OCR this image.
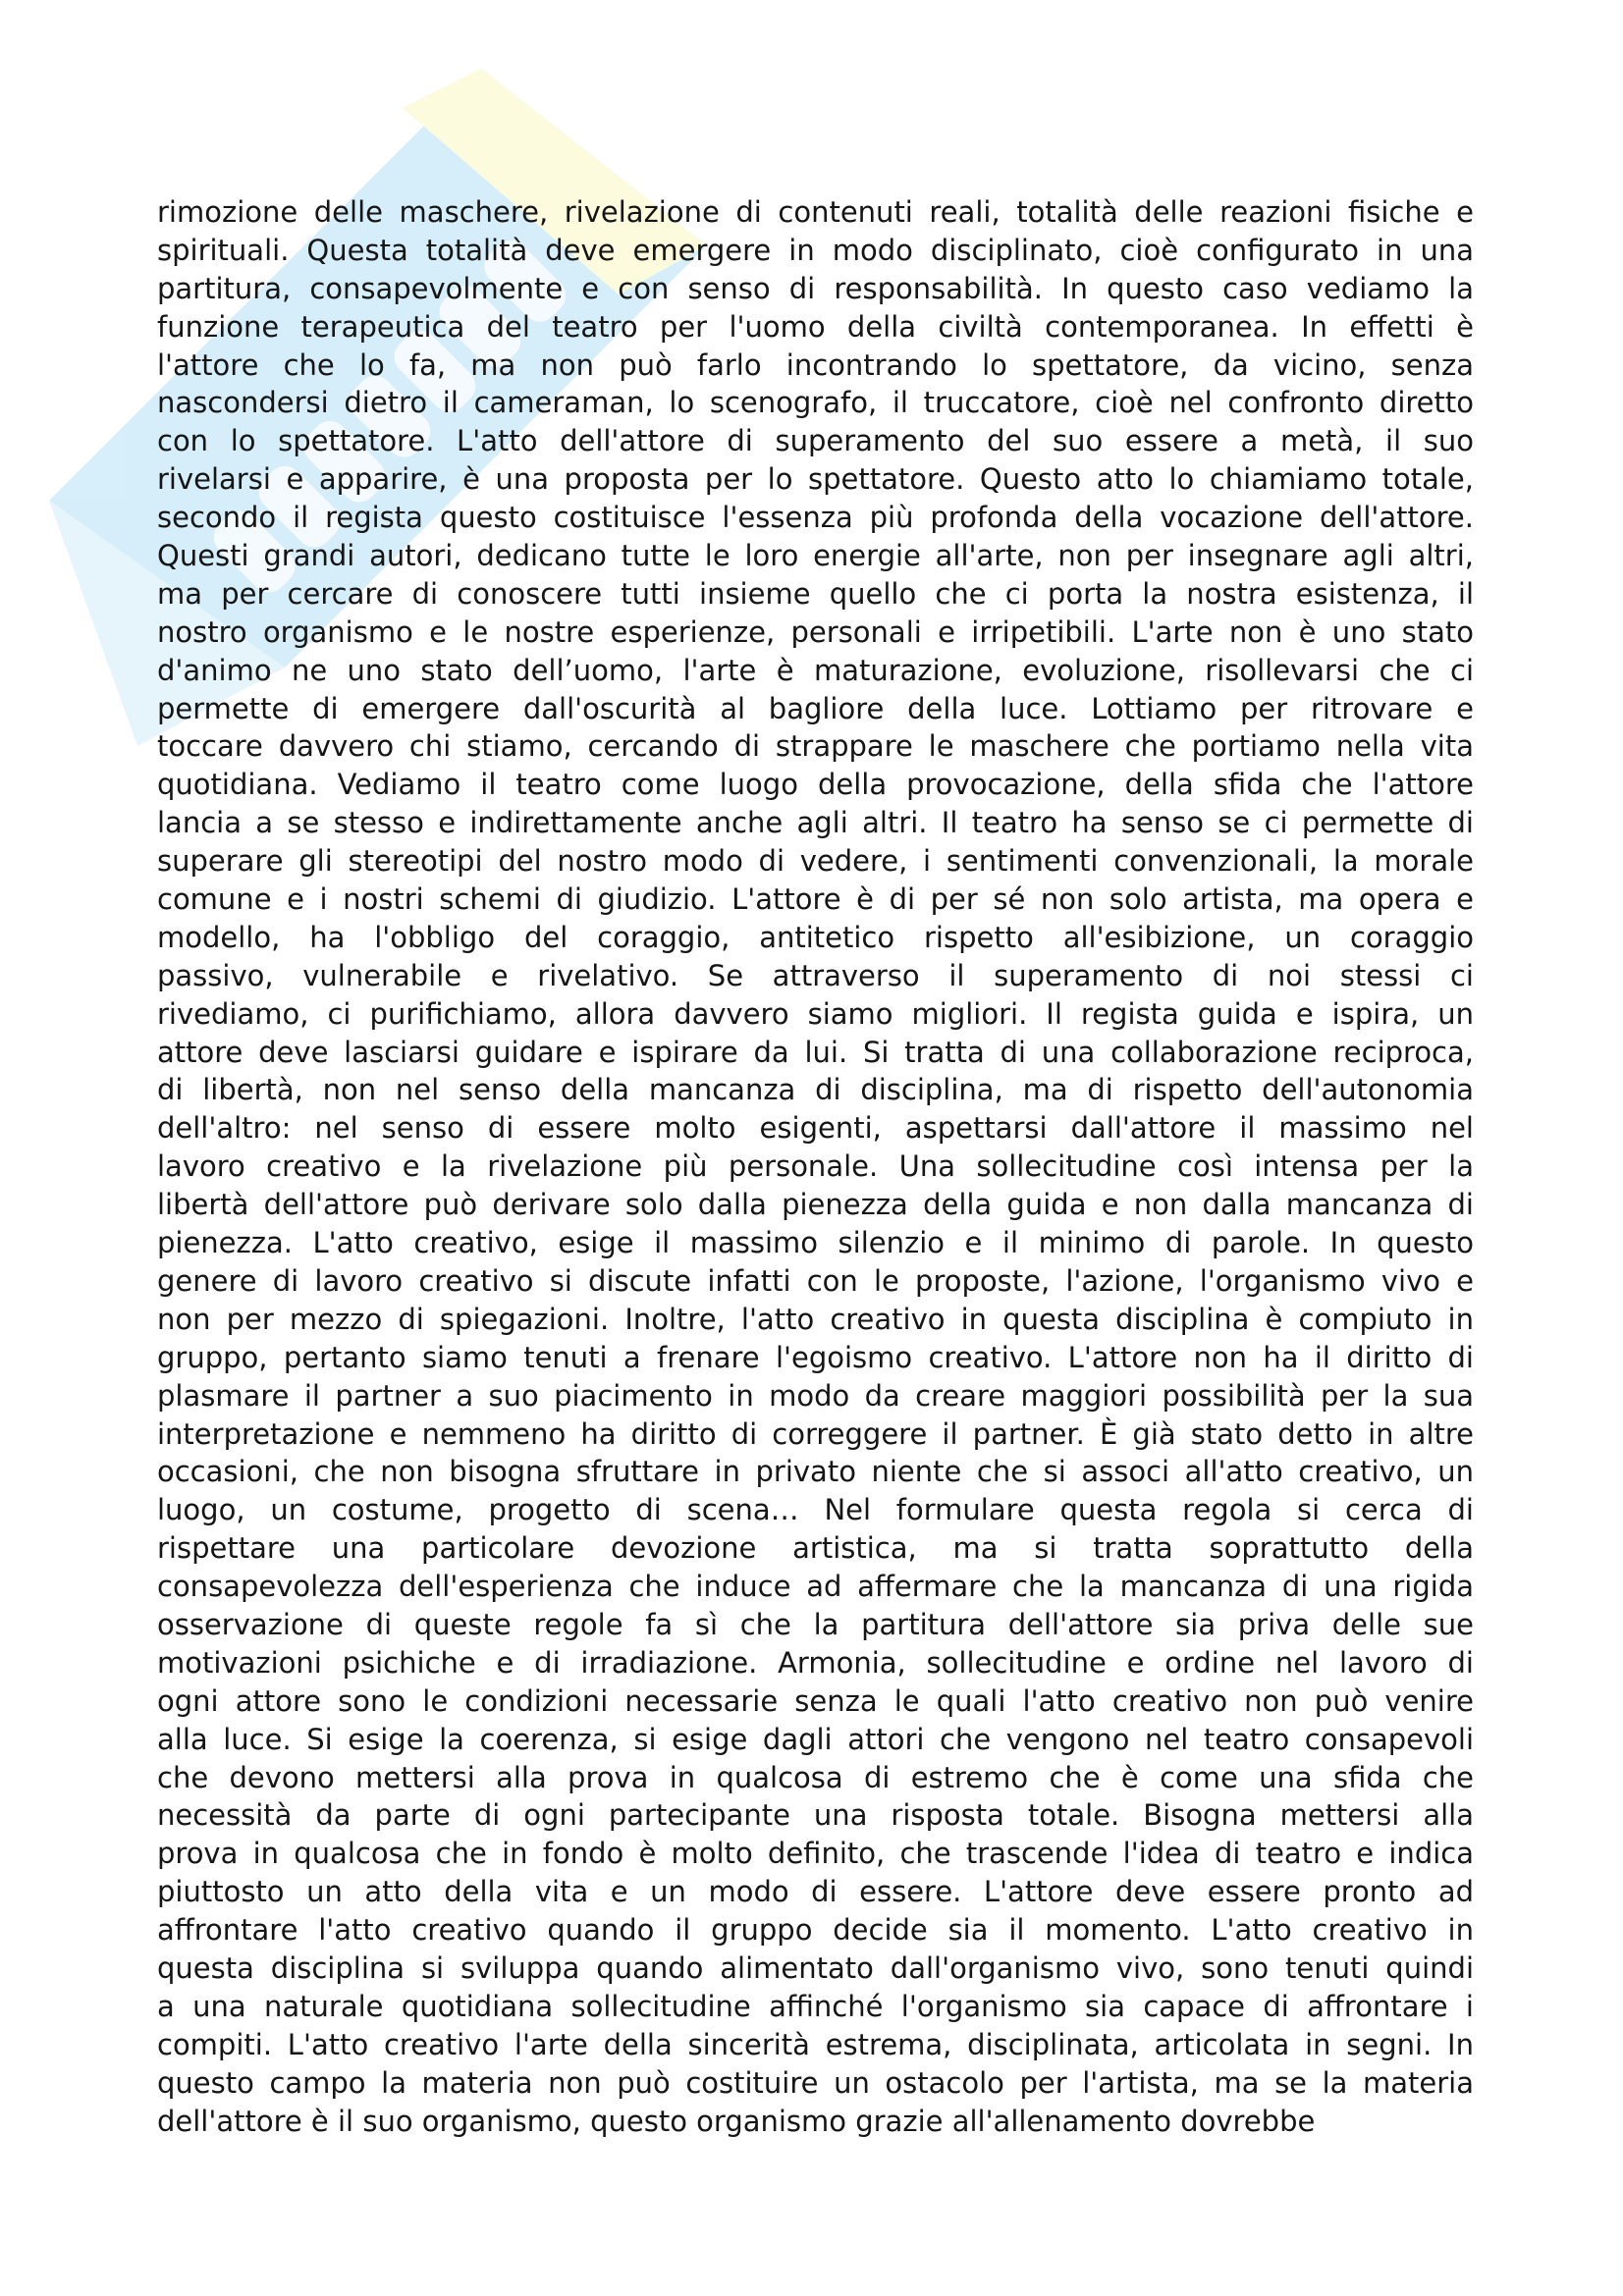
rimozione delle maschere, rivelazione di contenuti reali, totalità delle reazioni fisiche e
spirituali. Questa totalità deve emergere in modo disciplinato, cioè configurato in una
partitura, consapevolmente e con senso di responsabilità. In questo caso vediamo la
funzione terapeutica del teatro per l'uomo della civiltà contemporanea. In effetti è
l'attore che lo fa, ma non può farlo incontrando lo spettatore, da vicino, senza
nascondersi dietro il cameraman, lo scenografo, il truccatore, cioè nel confronto diretto
con lo spettatore. L'atto dell'attore di superamento del suo essere a metà, il suo
rivelarsi e apparire, è una proposta per lo spettatore. Questo atto lo chiamiamo totale,
secondo il regista questo costituisce l'essenza più profonda della vocazione dell'attore.
Questi grandi autori, dedicano tutte le loro energie all'arte, non per insegnare agli altri,
ma per cercare di conoscere tutti insieme quello che ci porta la nostra esistenza, il
nostro organismo e le nostre esperienze, personali e irripetibili. L'arte non è uno stato
d'animo ne uno stato dell’uomo, l'arte è maturazione, evoluzione, risollevarsi che ci
permette di emergere dall'oscurità al bagliore della luce. Lottiamo per ritrovare e
toccare davvero chi stiamo, cercando di strappare le maschere che portiamo nella vita
quotidiana. Vediamo il teatro come luogo della provocazione, della sfida che l'attore
lancia a se stesso e indirettamente anche agli altri. Il teatro ha senso se ci permette di
superare gli stereotipi del nostro modo di vedere, i sentimenti convenzionali, la morale
comune e i nostri schemi di giudizio. L'attore è di per sé non solo artista, ma opera e
modello, ha l'obbligo del coraggio, antitetico rispetto all'esibizione, un coraggio
passivo, vulnerabile e rivelativo. Se attraverso il superamento di noi stessi ci
rivediamo, ci purifichiamo, allora davvero siamo migliori. Il regista guida e ispira, un
attore deve lasciarsi guidare e ispirare da lui. Si tratta di una collaborazione reciproca,
di libertà, non nel senso della mancanza di disciplina, ma di rispetto dell'autonomia
dell'altro: nel senso di essere molto esigenti, aspettarsi dall'attore il massimo nel
lavoro creativo e la rivelazione più personale. Una sollecitudine così intensa per la
libertà dell'attore può derivare solo dalla pienezza della guida e non dalla mancanza di
pienezza. L'atto creativo, esige il massimo silenzio e il minimo di parole. In questo
genere di lavoro creativo si discute infatti con le proposte, l'azione, l'organismo vivo e
non per mezzo di spiegazioni. Inoltre, l'atto creativo in questa disciplina è compiuto in
gruppo, pertanto siamo tenuti a frenare l'egoismo creativo. L'attore non ha il diritto di
plasmare il partner a suo piacimento in modo da creare maggiori possibilità per la sua
interpretazione e nemmeno ha diritto di correggere il partner. È già stato detto in altre
occasioni, che non bisogna sfruttare in privato niente che si associ all'atto creativo, un
luogo, un costume, progetto di scena… Nel formulare questa regola si cerca di
rispettare una particolare devozione artistica, ma si tratta soprattutto della
consapevolezza dell'esperienza che induce ad affermare che la mancanza di una rigida
osservazione di queste regole fa sì che la partitura dell'attore sia priva delle sue
motivazioni psichiche e di irradiazione. Armonia, sollecitudine e ordine nel lavoro di
ogni attore sono le condizioni necessarie senza le quali l'atto creativo non può venire
alla luce. Si esige la coerenza, si esige dagli attori che vengono nel teatro consapevoli
che devono mettersi alla prova in qualcosa di estremo che è come una sfida che
necessità da parte di ogni partecipante una risposta totale. Bisogna mettersi alla
prova in qualcosa che in fondo è molto definito, che trascende l'idea di teatro e indica
piuttosto un atto della vita e un modo di essere. L'attore deve essere pronto ad
affrontare l'atto creativo quando il gruppo decide sia il momento. L'atto creativo in
questa disciplina si sviluppa quando alimentato dall'organismo vivo, sono tenuti quindi
a una naturale quotidiana sollecitudine affinché l'organismo sia capace di affrontare i
compiti. L'atto creativo l'arte della sincerità estrema, disciplinata, articolata in segni. In
questo campo la materia non può costituire un ostacolo per l'artista, ma se la materia
dell'attore è il suo organismo, questo organismo grazie all'allenamento dovrebbe
